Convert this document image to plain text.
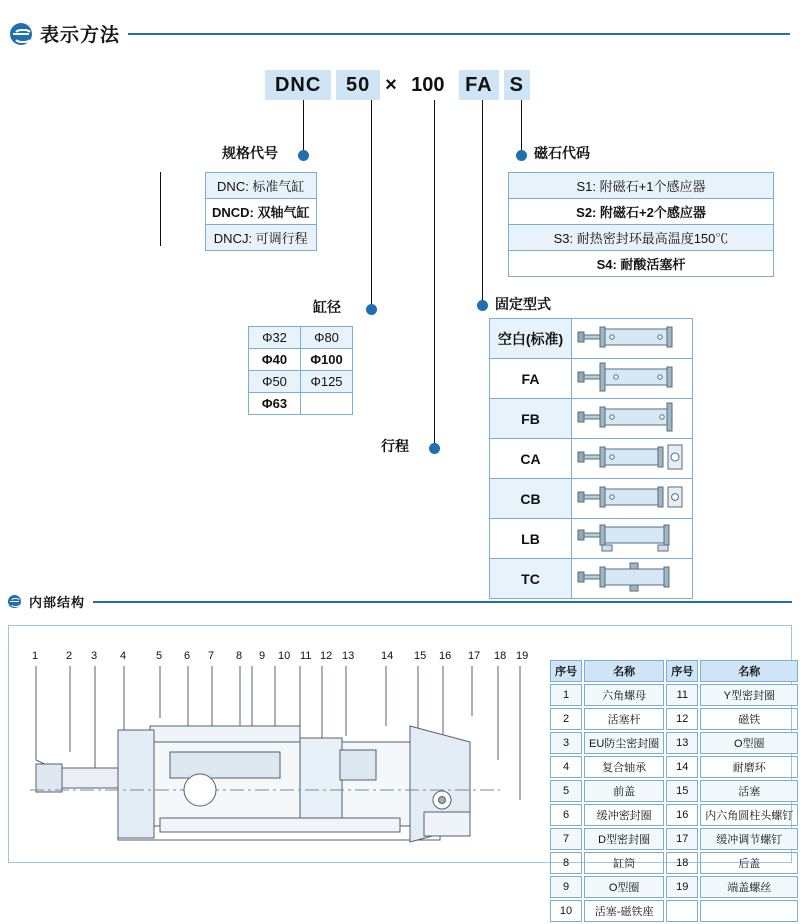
表示方法
DNC	50 × 100	FA S
规格代号
缸径
行程
固定型式
磁石代码
DNC: 标准气缸
DNCD: 双轴气缸
DNCJ: 可调行程
Φ32	Φ80
Φ40	Φ100
Φ50	Φ125
Φ63	
S1: 附磁石+1个感应器
S2: 附磁石+2个感应器
S3: 耐热密封环最高温度150℃
S4: 耐酸活塞杆
空白(标准)	
FA	
FB	
CA	
CB	
LB	
TC	
内部结构
1	2 3 4	5 6 7 8 9 10 11 12 13 14 15 16 17 18 19
序号	名称	序号	名称
1	六角螺母	11	Y型密封圈
2	活塞杆	12	磁铁
3	EU防尘密封圈	13	O型圈
4	复合轴承	14	耐磨环
5	前盖	15	活塞
6	缓冲密封圈	16	内六角圆柱头螺钉
7	D型密封圈	17	缓冲调节螺钉
8	缸筒	18	后盖
9	O型圈	19	端盖螺丝
10	活塞-磁铁座		
